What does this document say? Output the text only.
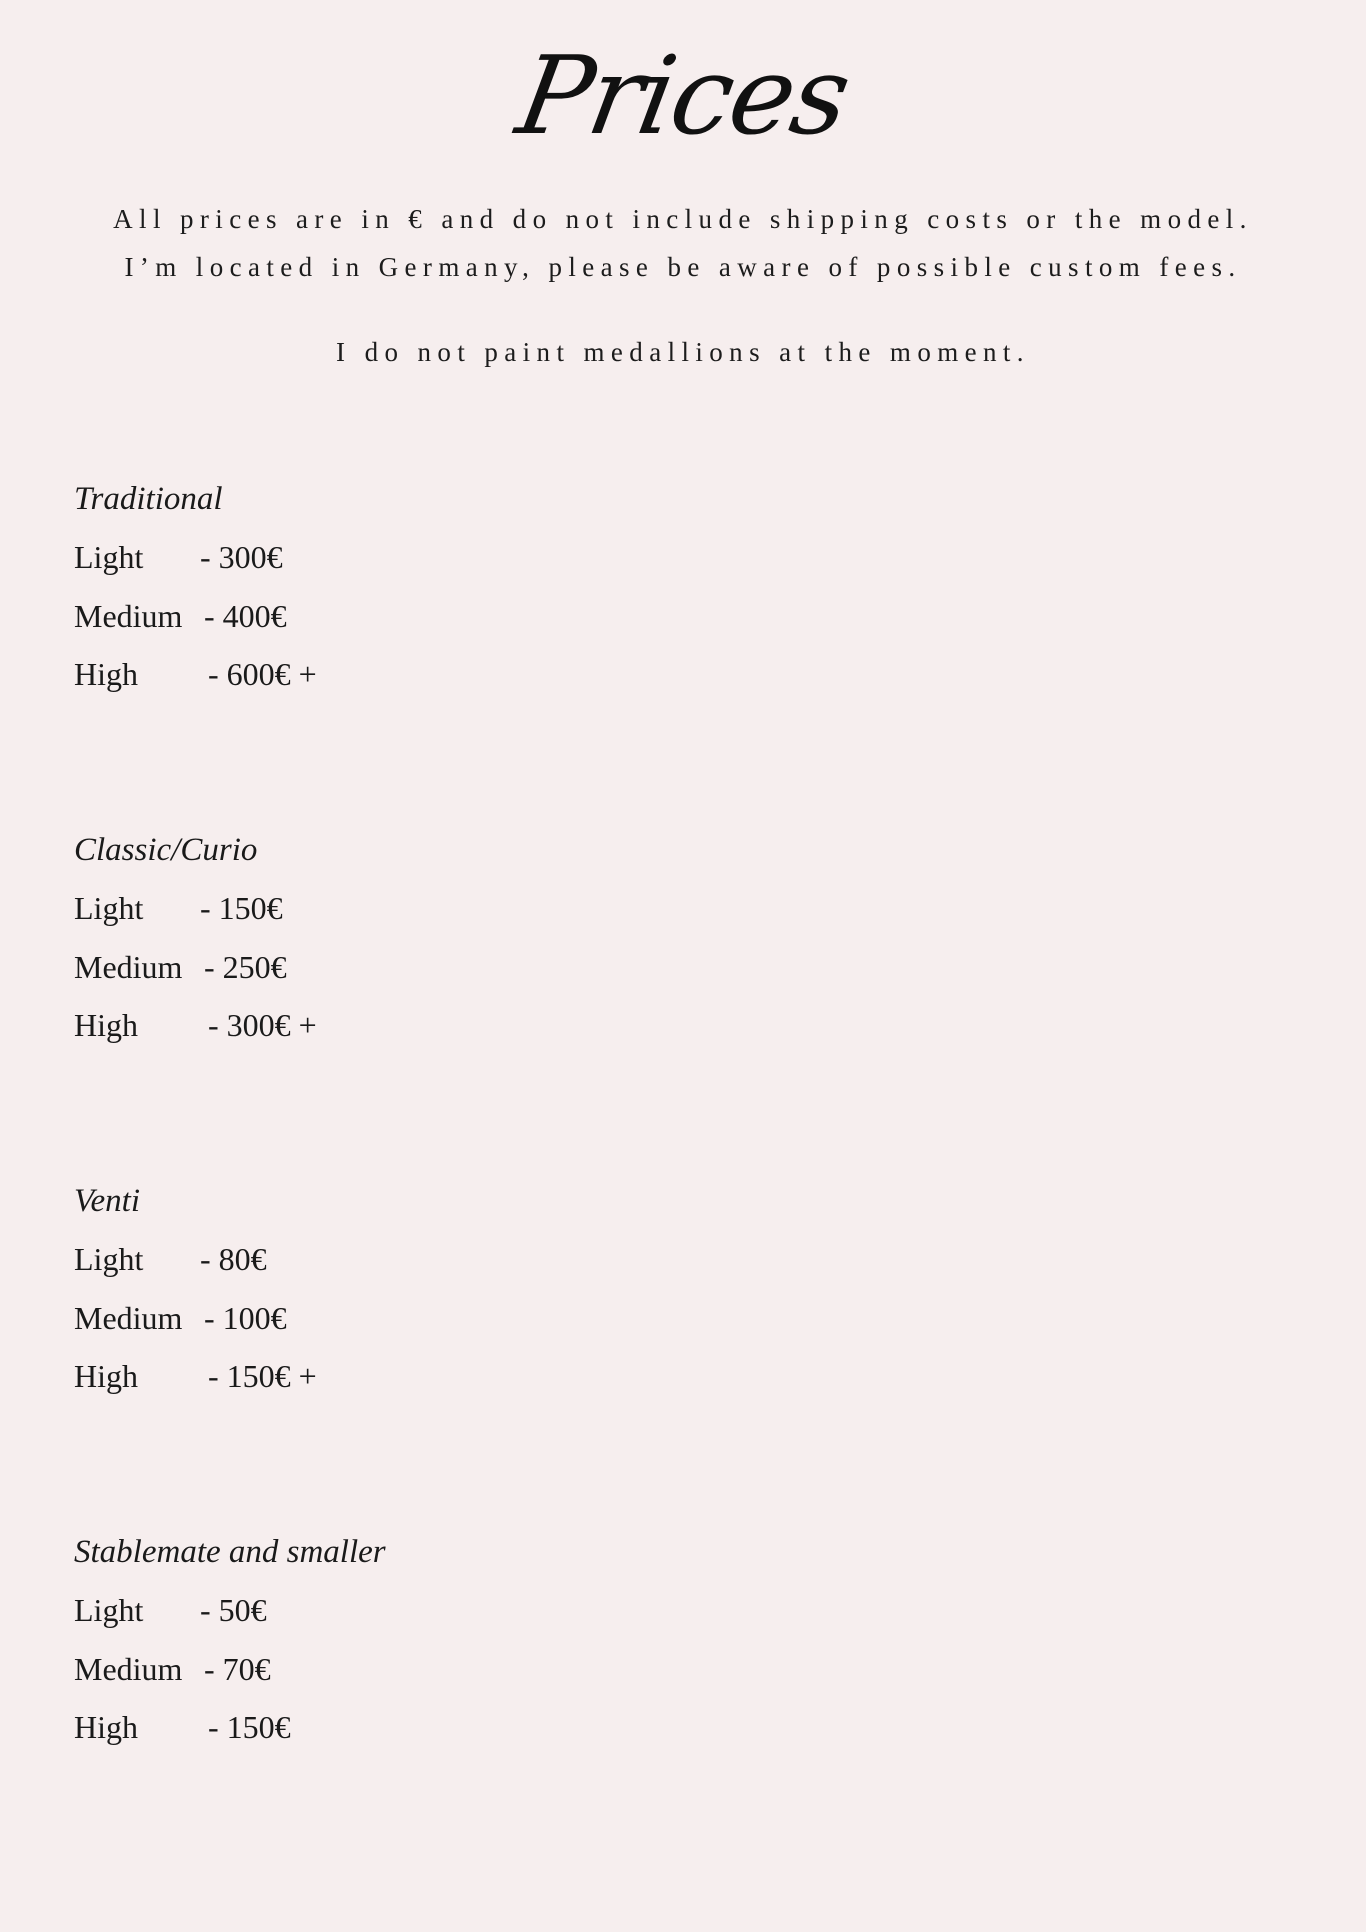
Prices

All prices are in € and do not include shipping costs or the model.

I’m located in Germany, please be aware of possible custom fees.

I do not paint medallions at the moment.

Traditional

Light	- 300€
Medium - 400€
High	- 600€ +

Classic/Curio

Light	- 150€
Medium - 250€
High	- 300€ +

Venti

Light	- 80€
Medium - 100€
High	- 150€ +

Stablemate and smaller

Light	- 50€
Medium - 70€
High	- 150€
